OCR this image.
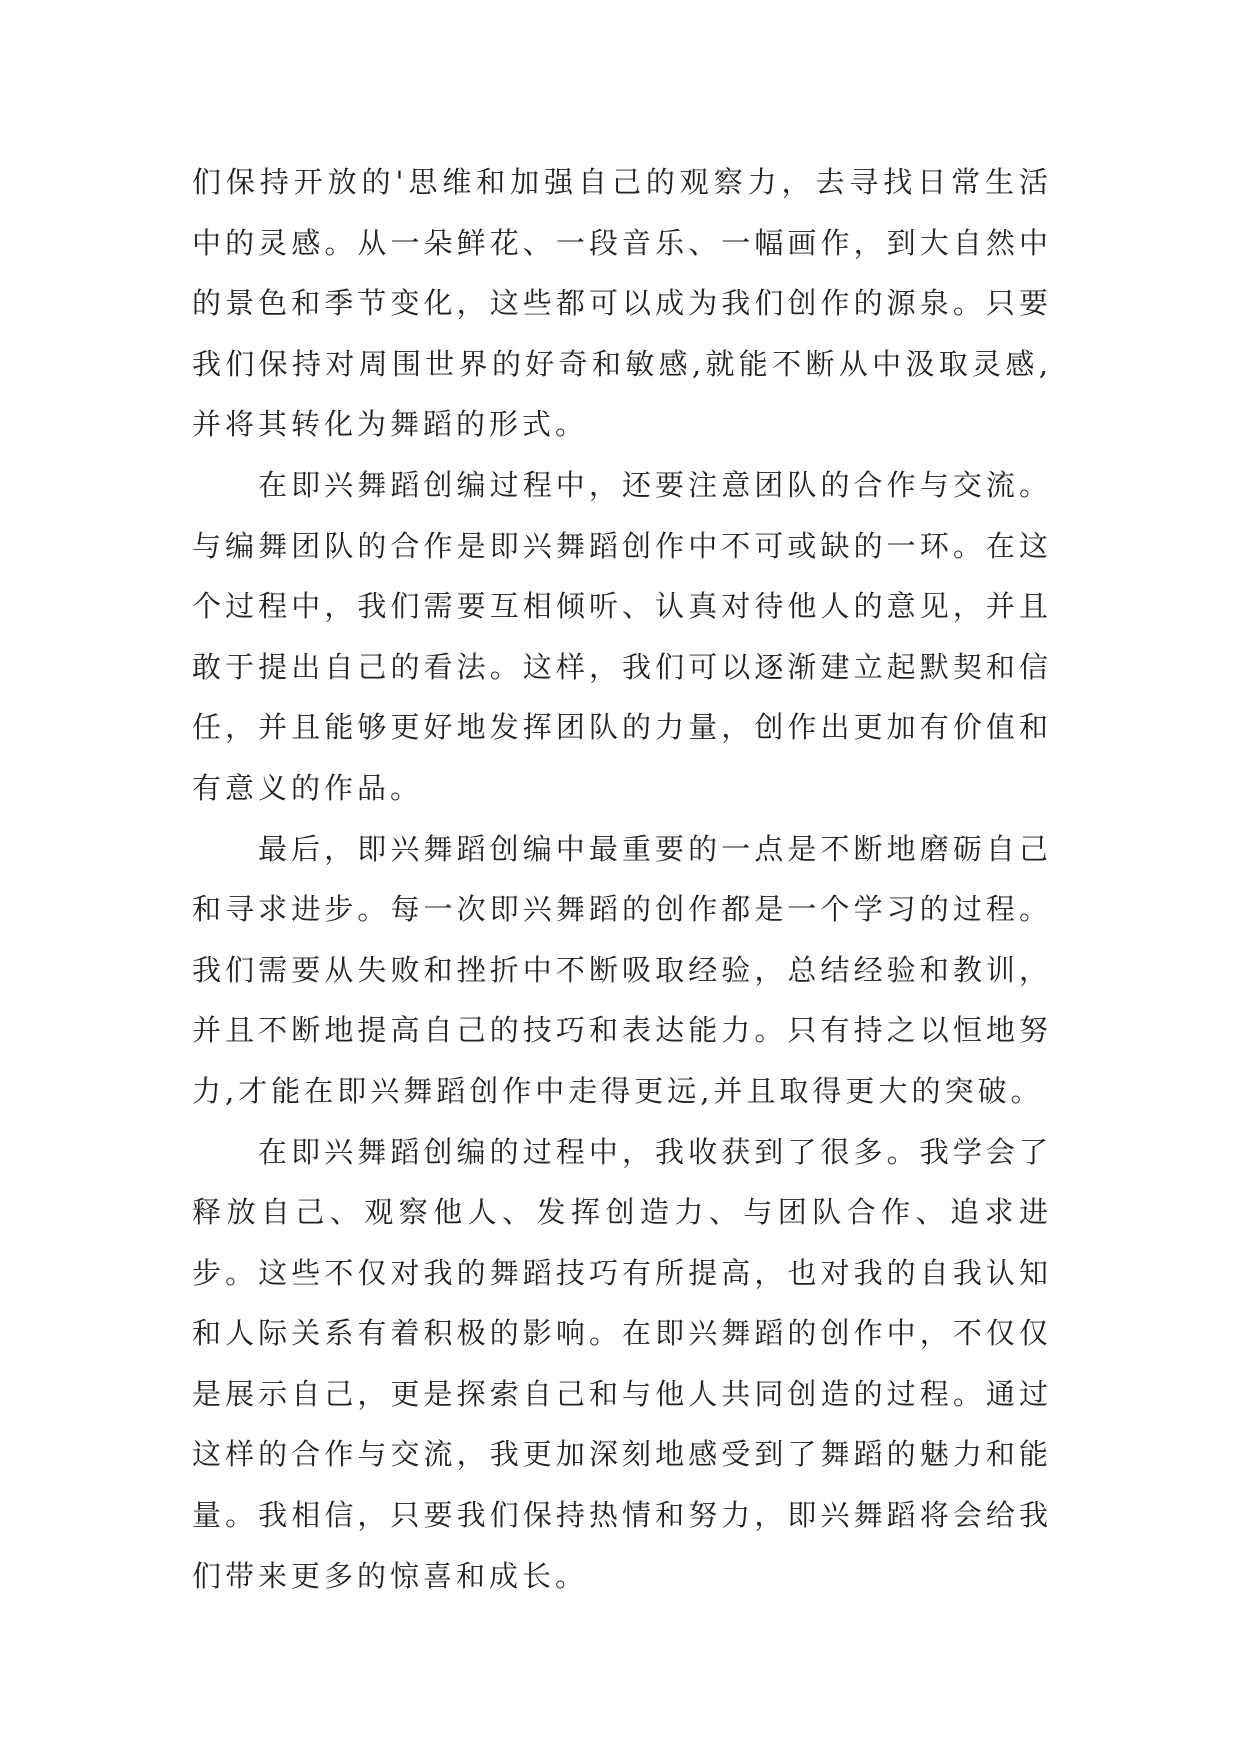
们保持开放的'思维和加强自己的观察力，去寻找日常生活中的灵感。从一朵鲜花、一段音乐、一幅画作，到大自然中的景色和季节变化，这些都可以成为我们创作的源泉。只要我们保持对周围世界的好奇和敏感,就能不断从中汲取灵感,并将其转化为舞蹈的形式。

在即兴舞蹈创编过程中，还要注意团队的合作与交流。与编舞团队的合作是即兴舞蹈创作中不可或缺的一环。在这个过程中，我们需要互相倾听、认真对待他人的意见，并且敢于提出自己的看法。这样，我们可以逐渐建立起默契和信任，并且能够更好地发挥团队的力量，创作出更加有价值和有意义的作品。

最后，即兴舞蹈创编中最重要的一点是不断地磨砺自己和寻求进步。每一次即兴舞蹈的创作都是一个学习的过程。我们需要从失败和挫折中不断吸取经验，总结经验和教训，并且不断地提高自己的技巧和表达能力。只有持之以恒地努力,才能在即兴舞蹈创作中走得更远,并且取得更大的突破。

在即兴舞蹈创编的过程中，我收获到了很多。我学会了释放自己、观察他人、发挥创造力、与团队合作、追求进步。这些不仅对我的舞蹈技巧有所提高，也对我的自我认知和人际关系有着积极的影响。在即兴舞蹈的创作中，不仅仅是展示自己，更是探索自己和与他人共同创造的过程。通过这样的合作与交流，我更加深刻地感受到了舞蹈的魅力和能量。我相信，只要我们保持热情和努力，即兴舞蹈将会给我们带来更多的惊喜和成长。
